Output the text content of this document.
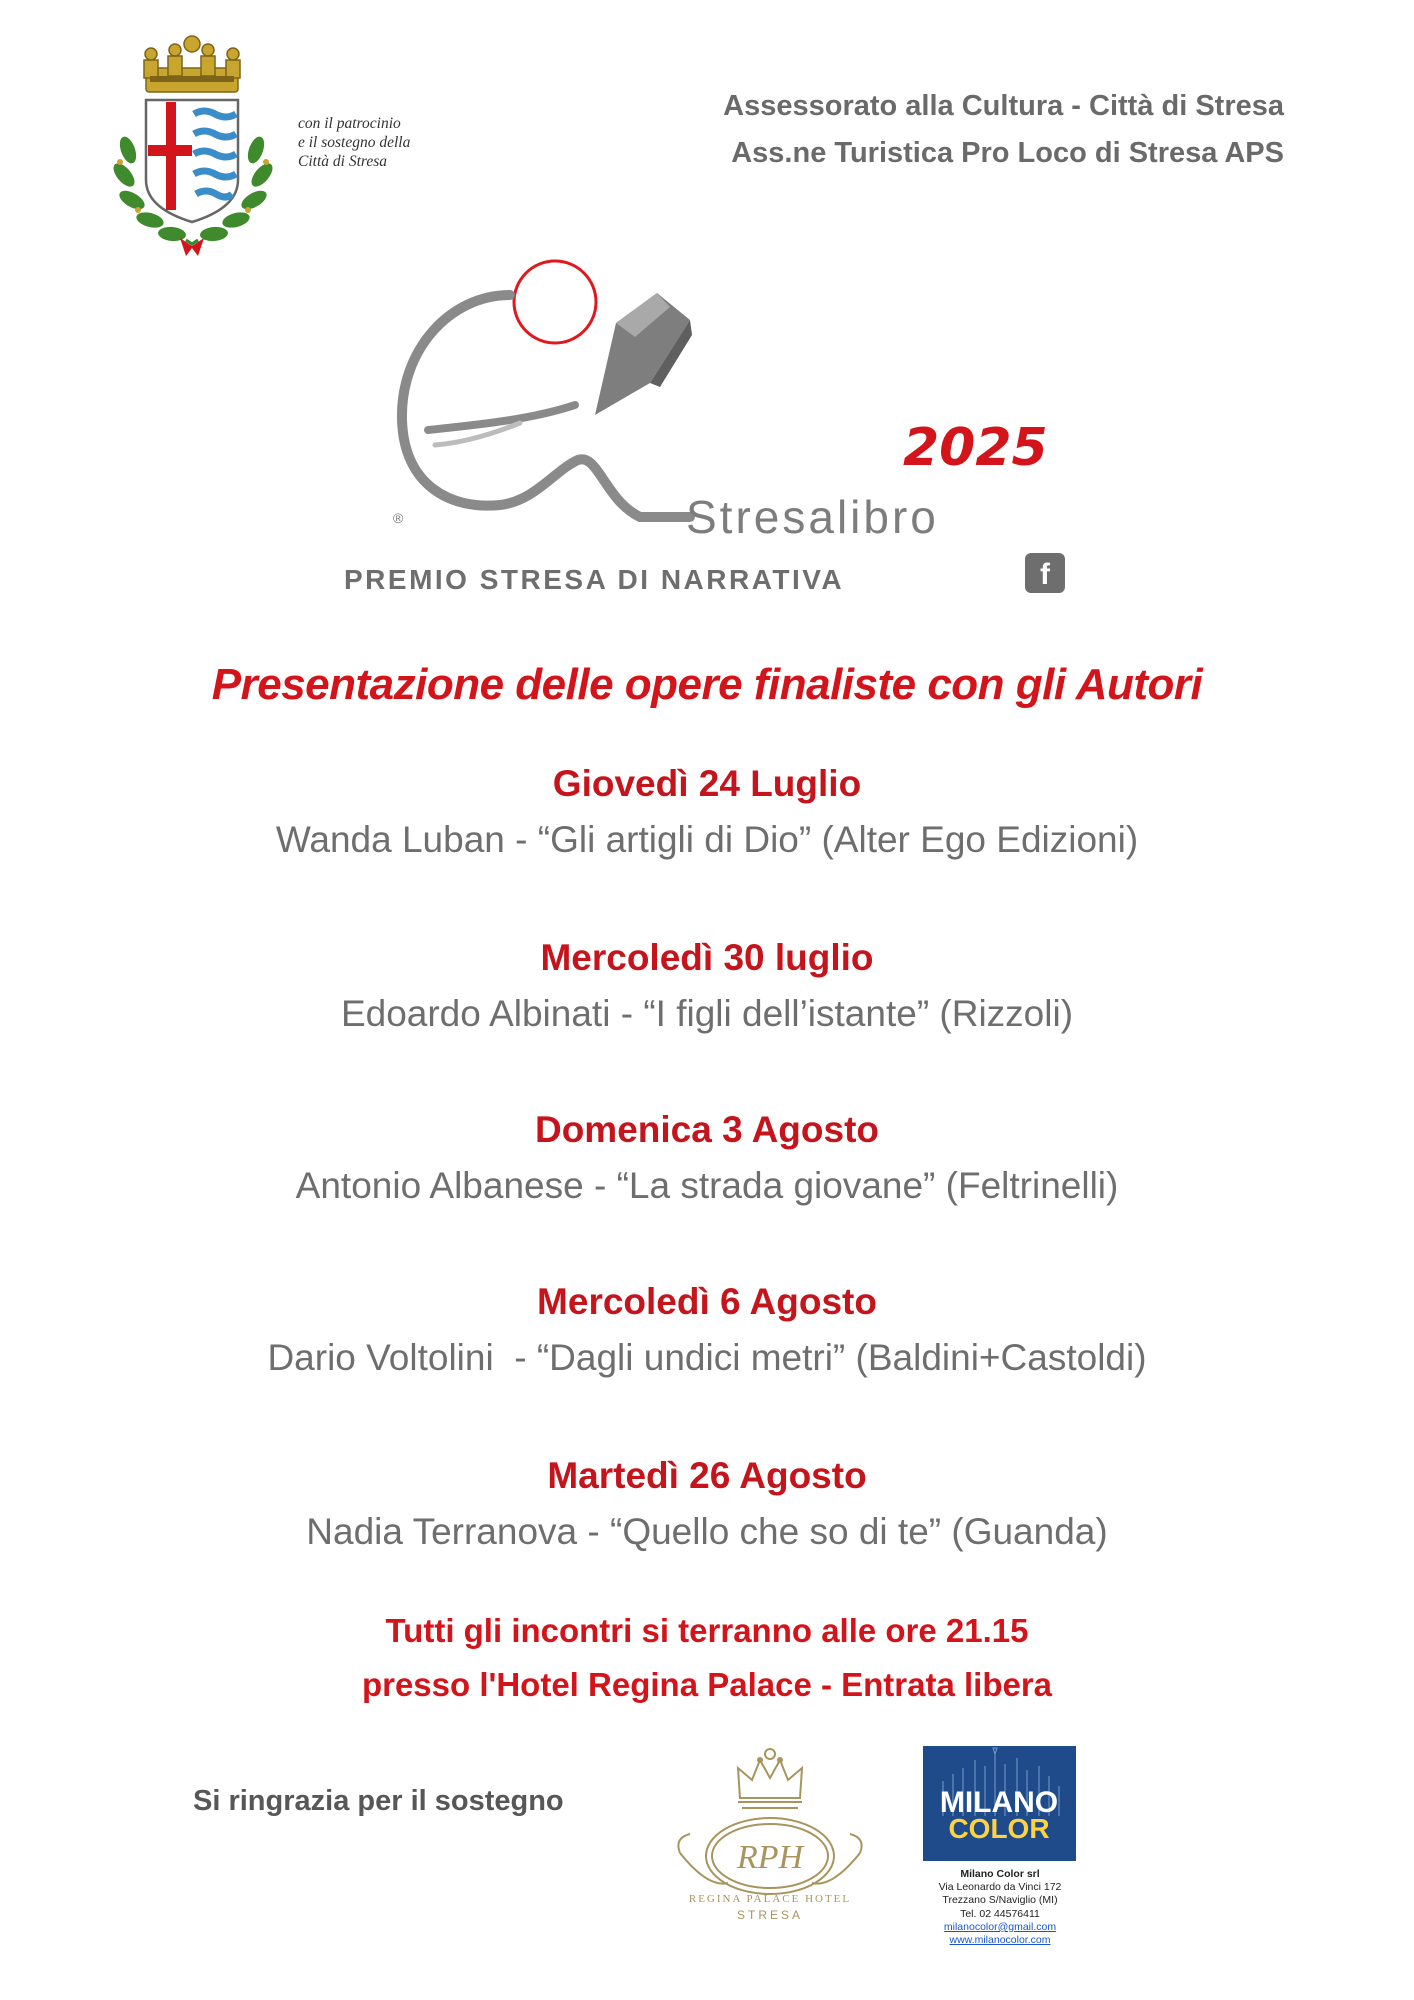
con il patrocinio
e il sostegno della
Città di Stresa
Assessorato alla Cultura - Città di Stresa
Ass.ne Turistica Pro Loco di Stresa APS
®
2025
Stresalibro
PREMIO STRESA DI NARRATIVA	f
Presentazione delle opere finaliste con gli Autori
Giovedì 24 Luglio
Wanda Luban - “Gli artigli di Dio” (Alter Ego Edizioni)
Mercoledì 30 luglio
Edoardo Albinati - “I figli dell’istante” (Rizzoli)
Domenica 3 Agosto
Antonio Albanese - “La strada giovane” (Feltrinelli)
Mercoledì 6 Agosto
Dario Voltolini  - “Dagli undici metri” (Baldini+Castoldi)
Martedì 26 Agosto
Nadia Terranova - “Quello che so di te” (Guanda)
Tutti gli incontri si terranno alle ore 21.15
presso l'Hotel Regina Palace - Entrata libera
Si ringrazia per il sostegno
RPH
REGINA PALACE HOTEL
STRESA
MILANO
COLOR
Milano Color srl
Via Leonardo da Vinci 172
Trezzano S/Naviglio (MI)
Tel. 02 44576411
milanocolor@gmail.com
www.milanocolor.com
